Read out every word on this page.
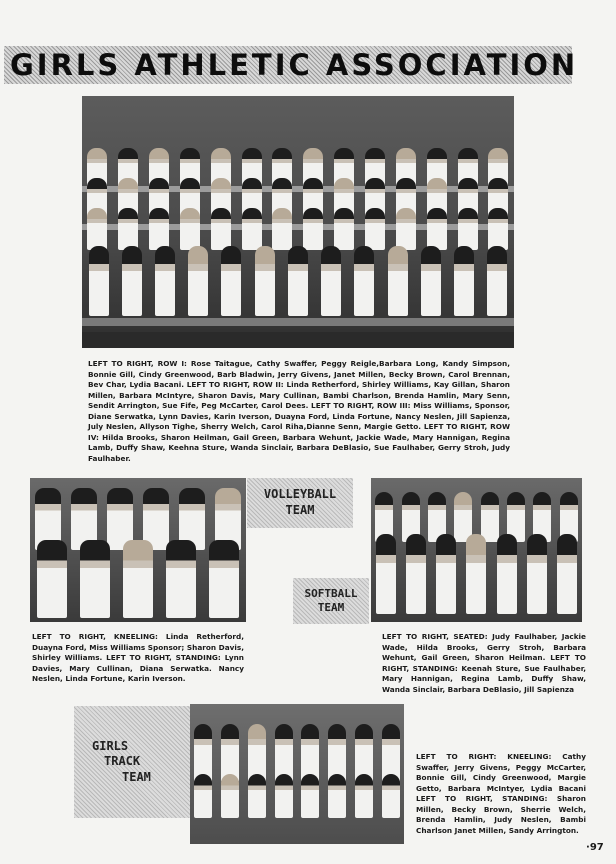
GIRLS ATHLETIC ASSOCIATION
LEFT TO RIGHT, ROW I: Rose Taitague, Cathy Swaffer, Peggy Reigle,Barbara Long, Kandy Simpson, Bonnie Gill, Cindy Greenwood, Barb Bladwin, Jerry Givens, Janet Millen, Becky Brown, Carol Brennan, Bev Char, Lydia Bacani. LEFT TO RIGHT, ROW II: Linda Retherford, Shirley Williams, Kay Gillan, Sharon Millen, Barbara McIntyre, Sharon Davis, Mary Cullinan, Bambi Charlson, Brenda Hamlin, Mary Senn, Sendit Arrington, Sue Fife, Peg McCarter, Carol Dees. LEFT TO RIGHT, ROW III: Miss Williams, Sponsor, Diane Serwatka, Lynn Davies, Karin Iverson, Duayna Ford, Linda Fortune, Nancy Neslen, Jill Sapienza, July Neslen, Allyson Tighe, Sherry Welch, Carol Riha,Dianne Senn, Margie Getto. LEFT TO RIGHT, ROW IV: Hilda Brooks, Sharon Heilman, Gail Green, Barbara Wehunt, Jackie Wade, Mary Hannigan, Regina Lamb, Duffy Shaw, Keehna Sture, Wanda Sinclair, Barbara DeBlasio, Sue Faulhaber, Gerry Stroh, Judy Faulhaber.
VOLLEYBALL
TEAM
SOFTBALL
TEAM
LEFT TO RIGHT, KNEELING: Linda Retherford, Duayna Ford, Miss Williams Sponsor; Sharon Davis, Shirley Williams. LEFT TO RIGHT, STANDING: Lynn Davies, Mary Cullinan, Diana Serwatka. Nancy Neslen, Linda Fortune, Karin Iverson.
LEFT TO RIGHT, SEATED: Judy Faulhaber, Jackie Wade, Hilda Brooks, Gerry Stroh, Barbara Wehunt, Gail Green, Sharon Heilman. LEFT TO RIGHT, STANDING: Keenah Sture, Sue Faulhaber, Mary Hannigan, Regina Lamb, Duffy Shaw, Wanda Sinclair, Barbara DeBlasio, Jill Sapienza
GIRLS
TRACK
TEAM
LEFT TO RIGHT: KNEELING: Cathy Swaffer, Jerry Givens, Peggy McCarter, Bonnie Gill, Cindy Greenwood, Margie Getto, Barbara McIntyer, Lydia Bacani LEFT TO RIGHT, STANDING: Sharon Millen, Becky Brown, Sherrie Welch, Brenda Hamlin, Judy Neslen, Bambi Charlson Janet Millen, Sandy Arrington.
·97
